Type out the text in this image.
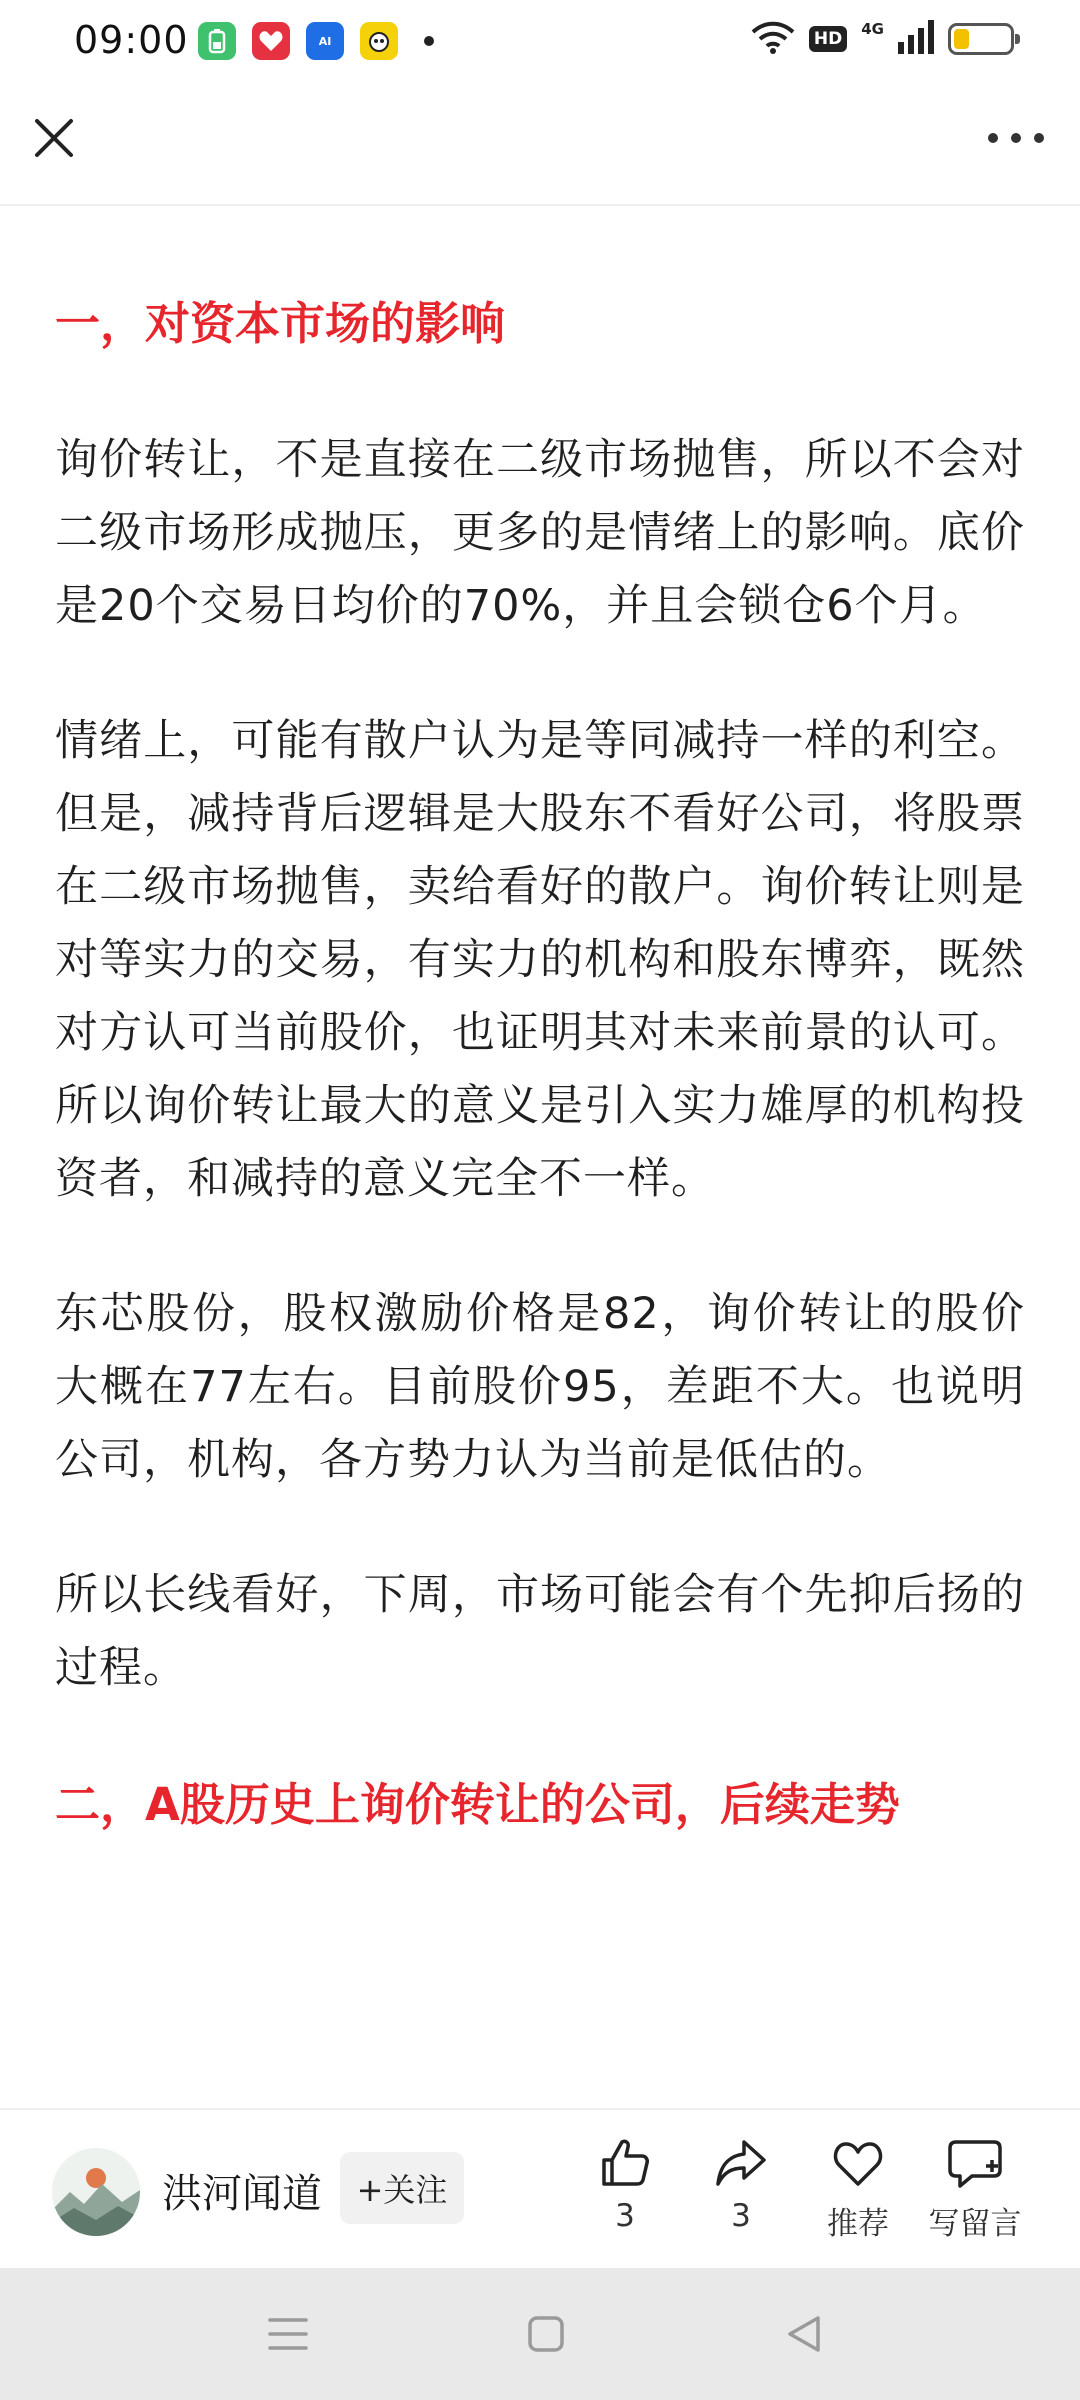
09:00	AI	HD	4G
一，对资本市场的影响

询价转让，不是直接在二级市场抛售，所以不会对二级市场形成抛压，更多的是情绪上的影响。底价是20个交易日均价的70%，并且会锁仓6个月。

情绪上，可能有散户认为是等同减持一样的利空。但是，减持背后逻辑是大股东不看好公司，将股票在二级市场抛售，卖给看好的散户。询价转让则是对等实力的交易，有实力的机构和股东博弈，既然对方认可当前股价，也证明其对未来前景的认可。所以询价转让最大的意义是引入实力雄厚的机构投资者，和减持的意义完全不一样。

东芯股份，股权激励价格是82，询价转让的股价大概在77左右。目前股价95，差距不大。也说明公司，机构，各方势力认为当前是低估的。

所以长线看好，下周，市场可能会有个先抑后扬的过程。

二，A股历史上询价转让的公司，后续走势
洪河闻道	+关注
3	3 推荐 写留言
